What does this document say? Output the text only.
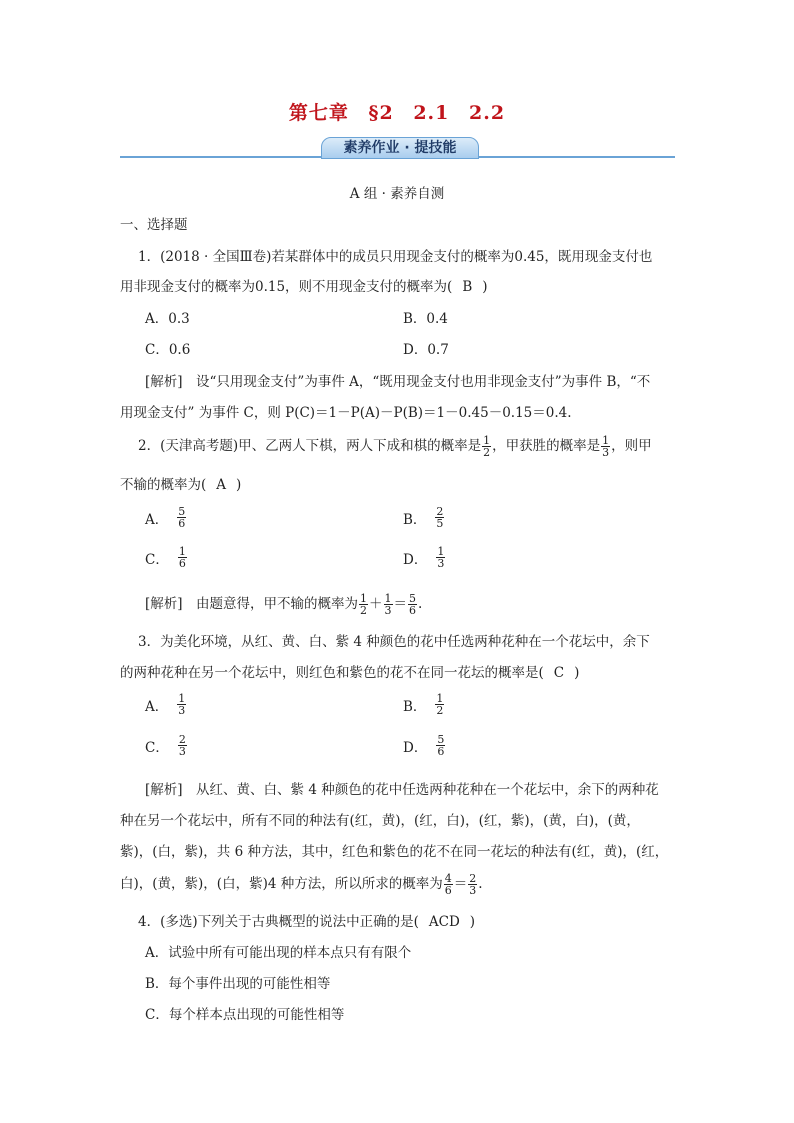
第七章 §2 2.1 2.2
素养作业 · 提技能
A 组 · 素养自测
一、选择题
1．(2018 · 全国Ⅲ卷)若某群体中的成员只用现金支付的概率为0.45，既用现金支付也
用非现金支付的概率为0.15，则不用现金支付的概率为( B )
A．0.3	B．0.4
C．0.6	D．0.7
[解析]　设“只用现金支付”为事件 A，“既用现金支付也用非现金支付”为事件 B，“不
用现金支付” 为事件 C，则 P(C)＝1－P(A)－P(B)＝1－0.45－0.15＝0.4.
2．(天津高考题)甲、乙两人下棋，两人下成和棋的概率是 $\frac{1}{2}$ ，甲获胜的概率是 $\frac{1}{3}$ ，则甲
不输的概率为( A )
A． $\frac{5}{6}$	B． $\frac{2}{5}$
C． $\frac{1}{6}$	D． $\frac{1}{3}$
[解析]　由题意得，甲不输的概率为 $\frac{1}{2} + \frac{1}{3} = \frac{5}{6}$ .
3．为美化环境，从红、黄、白、紫 4 种颜色的花中任选两种花种在一个花坛中，余下
的两种花种在另一个花坛中，则红色和紫色的花不在同一花坛的概率是( C )
A． $\frac{1}{3}$	B． $\frac{1}{2}$
C． $\frac{2}{3}$	D． $\frac{5}{6}$
[解析]　从红、黄、白、紫 4 种颜色的花中任选两种花种在一个花坛中，余下的两种花
种在另一个花坛中，所有不同的种法有(红，黄)，(红，白)，(红，紫)，(黄，白)，(黄，
紫)，(白，紫)，共 6 种方法，其中，红色和紫色的花不在同一花坛的种法有(红，黄)，(红，
白)，(黄，紫)，(白，紫)4 种方法，所以所求的概率为 $\frac{4}{6} = \frac{2}{3}$ .
4．(多选)下列关于古典概型的说法中正确的是( ACD )
A．试验中所有可能出现的样本点只有有限个
B．每个事件出现的可能性相等
C．每个样本点出现的可能性相等
